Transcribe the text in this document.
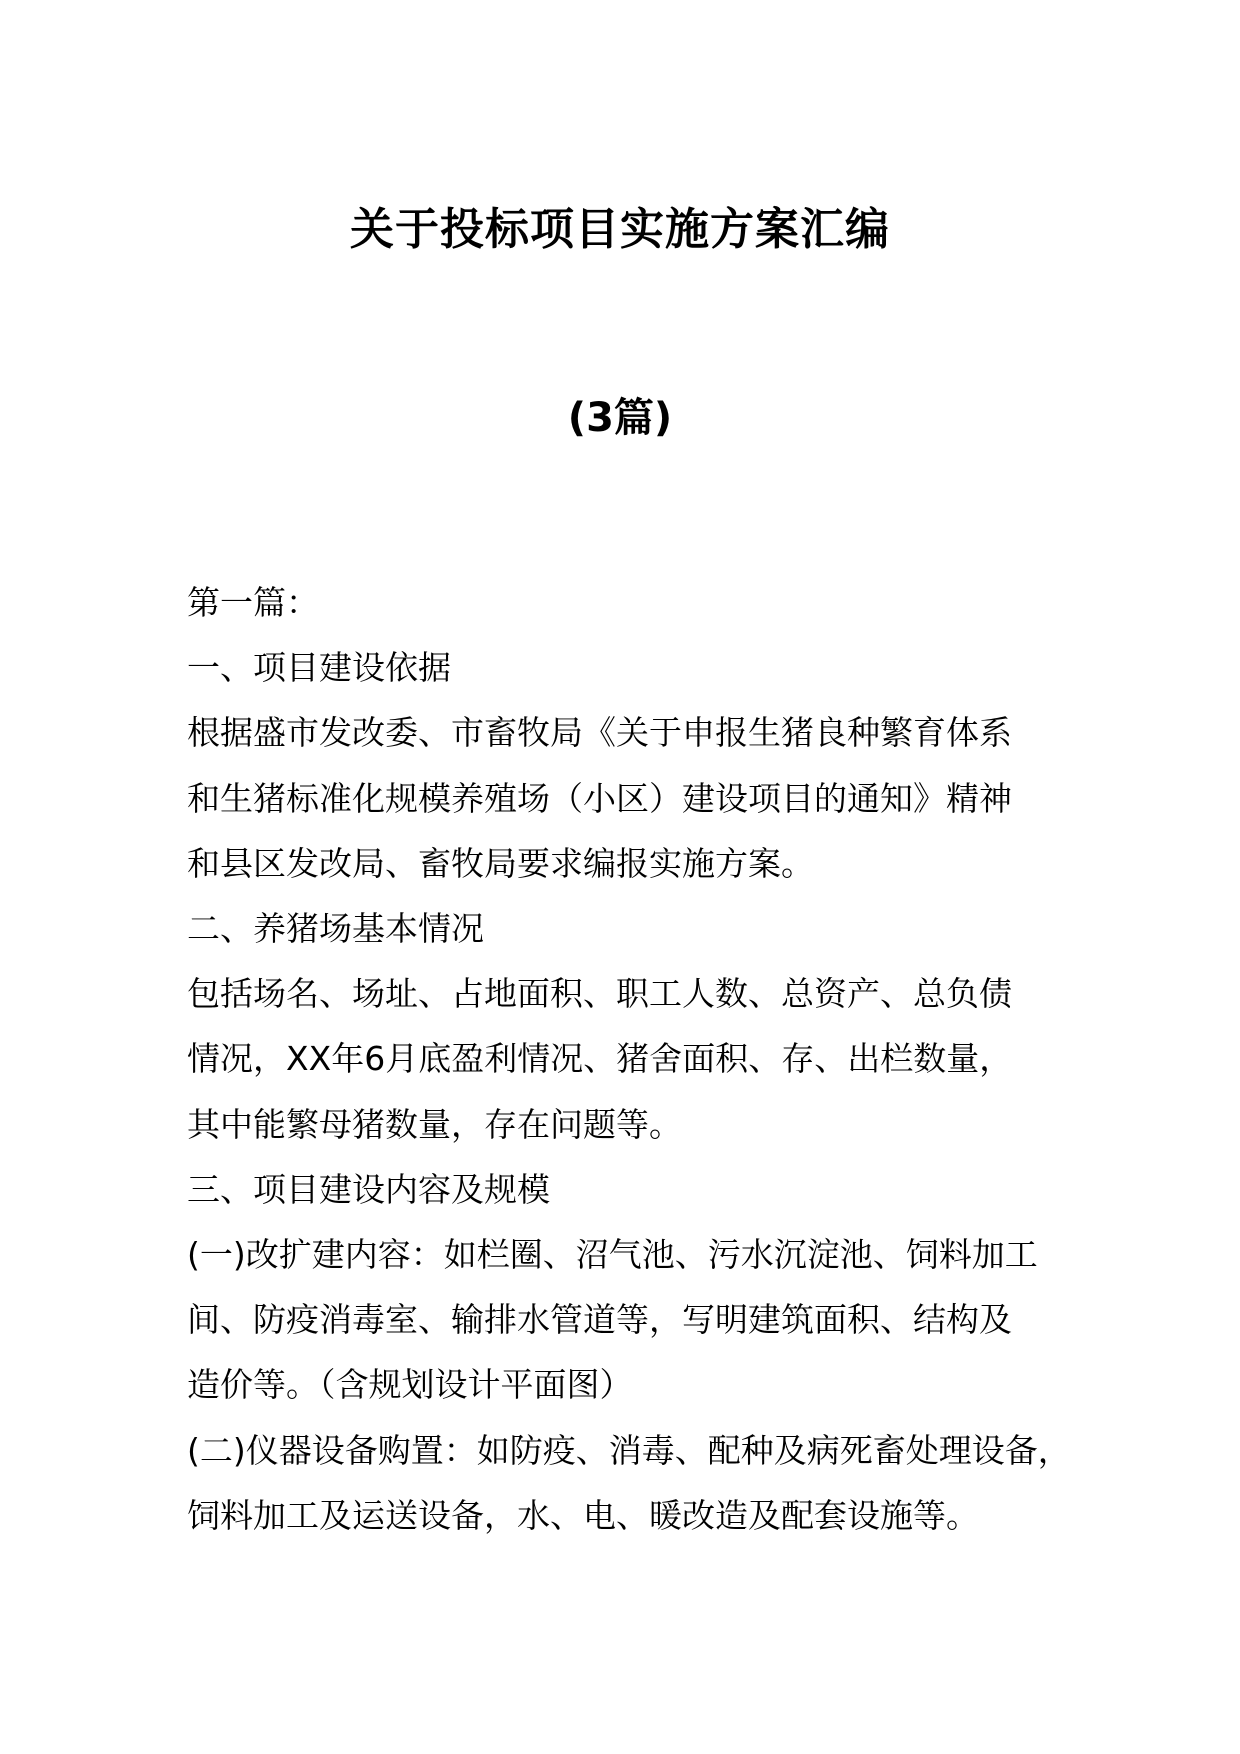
关于投标项目实施方案汇编
(3篇)

第一篇：

一、项目建设依据

根据盛市发改委、市畜牧局《关于申报生猪良种繁育体系

和生猪标准化规模养殖场（小区）建设项目的通知》精神

和县区发改局、畜牧局要求编报实施方案。

二、养猪场基本情况

包括场名、场址、占地面积、职工人数、总资产、总负债

情况，XX年6月底盈利情况、猪舍面积、存、出栏数量，

其中能繁母猪数量，存在问题等。

三、项目建设内容及规模

(一)改扩建内容：如栏圈、沼气池、污水沉淀池、饲料加工

间、防疫消毒室、输排水管道等，写明建筑面积、结构及

造价等。（含规划设计平面图）

(二)仪器设备购置：如防疫、消毒、配种及病死畜处理设备，

饲料加工及运送设备，水、电、暖改造及配套设施等。
